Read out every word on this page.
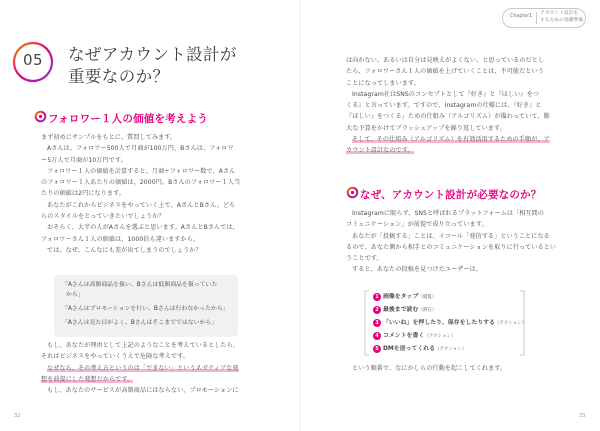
Chapter1
アカウント設計を
するための基礎準備
05	なぜアカウント設計が
重要なのか？
フォロワー１人の価値を考えよう

まず初めにサンプルをもとに、質問してみます。

Aさんは、フォロワー500人で月商が100万円、Bさんは、フォロワ

ー5万人で月商が10万円です。

フォロワー１人の価値を計算すると、月商÷フォロワー数で、Aさん

のフォロワー１人あたりの価値は、2000円。Bさんのフォロワー１人当

たりの価値は2円になります。

あなたがこれからビジネスをやっていく上で、AさんとBさん、どち

らのスタイルをとっていきたいでしょうか？

おそらく、大半の人がAさんを選ぶと思います。AさんとBさんでは、

フォロワーさん１人の価値は、1000倍も違いますから。

では、なぜ、こんなにも差が出てしまうのでしょうか？

「Aさんは高額商品を扱い、Bさんは低額商品を扱っていた
から」
「Aさんはプロモーションを行い、Bさんは行わなかったから」
「Aさんは見た目がよく、Bさんはそこまでではないから」

もし、あなたが理由として上記のようなことを考えているとしたら、

それはビジネスをやっていくうえで危険な考えです。

なぜなら、その考え方というのは「できない」というネガティブな発

想を前提にした発想だからです。

もし、あなたのサービスが高額商品にはならない、プロモーションに

は向かない、あるいは自分は見映えがよくない、と思っているのだとし

たら、フォロワーさん１人の価値を上げていくことは、不可能だという

ことになってしまいます。

Instagram社はSNSのコンセプトとして『好き』と『ほしい』をつ

くる』と言っています。ですので、Instagramの仕様には、『好き』と

『ほしい』をつくる」ための仕組み（アルゴリズム）が備わっていて、膨

大な予算をかけてブラッシュアップを繰り返しています。

そして、その仕組み（アルゴリズム）を有効活用するための手順が、ア

カウント設計なのです。

なぜ、アカウント設計が必要なのか？

Instagramに限らず、SNSと呼ばれるプラットフォームは「相互間の

コミュニケーション」が前提で成り立っています。

あなたが「投稿する」ことは、イコール「発信する」ということになる

るので、あなた側から相手とのコミュニケーションを取りに行っているとい

うことです。

すると、あなたの投稿を見つけたユーザーは、

1 画像をタップ（閲覧）
2 最後まで読む（滞在）
3 「いいね」を押したり、保存をしたりする（アクション）
4 コメントを書く（アクション）
5 DMを送ってくれる（アクション）
という順番で、なにかしらの行動を起こしてくれます。
32	33
